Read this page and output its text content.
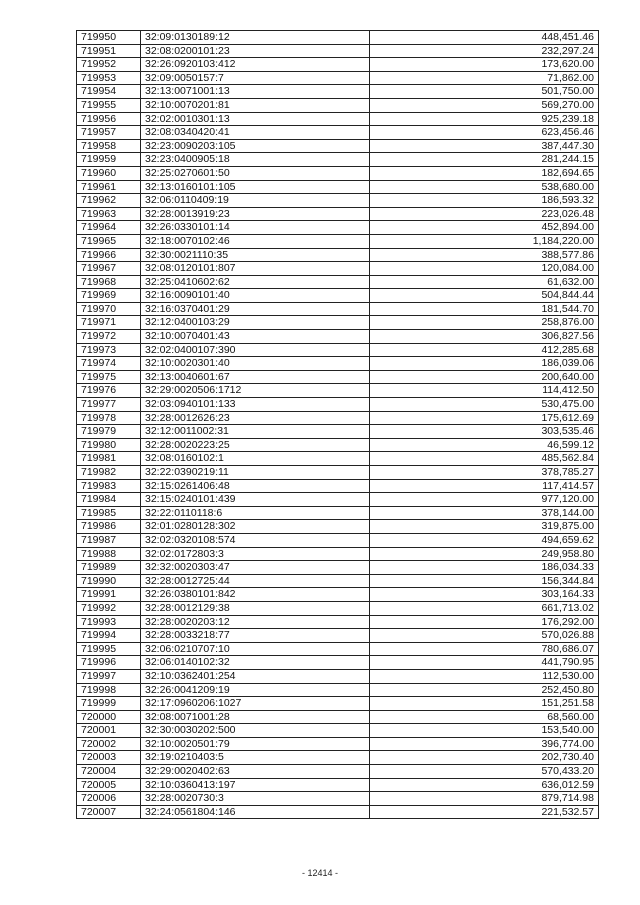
719950	32:09:0130189:12	448,451.46
719951	32:08:0200101:23	232,297.24
719952	32:26:0920103:412	173,620.00
719953	32:09:0050157:7	71,862.00
719954	32:13:0071001:13	501,750.00
719955	32:10:0070201:81	569,270.00
719956	32:02:0010301:13	925,239.18
719957	32:08:0340420:41	623,456.46
719958	32:23:0090203:105	387,447.30
719959	32:23:0400905:18	281,244.15
719960	32:25:0270601:50	182,694.65
719961	32:13:0160101:105	538,680.00
719962	32:06:0110409:19	186,593.32
719963	32:28:0013919:23	223,026.48
719964	32:26:0330101:14	452,894.00
719965	32:18:0070102:46	1,184,220.00
719966	32:30:0021110:35	388,577.86
719967	32:08:0120101:807	120,084.00
719968	32:25:0410602:62	61,632.00
719969	32:16:0090101:40	504,844.44
719970	32:16:0370401:29	181,544.70
719971	32:12:0400103:29	258,876.00
719972	32:10:0070401:43	306,827.56
719973	32:02:0400107:390	412,285.68
719974	32:10:0020301:40	186,039.06
719975	32:13:0040601:67	200,640.00
719976	32:29:0020506:1712	114,412.50
719977	32:03:0940101:133	530,475.00
719978	32:28:0012626:23	175,612.69
719979	32:12:0011002:31	303,535.46
719980	32:28:0020223:25	46,599.12
719981	32:08:0160102:1	485,562.84
719982	32:22:0390219:11	378,785.27
719983	32:15:0261406:48	117,414.57
719984	32:15:0240101:439	977,120.00
719985	32:22:0110118:6	378,144.00
719986	32:01:0280128:302	319,875.00
719987	32:02:0320108:574	494,659.62
719988	32:02:0172803:3	249,958.80
719989	32:32:0020303:47	186,034.33
719990	32:28:0012725:44	156,344.84
719991	32:26:0380101:842	303,164.33
719992	32:28:0012129:38	661,713.02
719993	32:28:0020203:12	176,292.00
719994	32:28:0033218:77	570,026.88
719995	32:06:0210707:10	780,686.07
719996	32:06:0140102:32	441,790.95
719997	32:10:0362401:254	112,530.00
719998	32:26:0041209:19	252,450.80
719999	32:17:0960206:1027	151,251.58
720000	32:08:0071001:28	68,560.00
720001	32:30:0030202:500	153,540.00
720002	32:10:0020501:79	396,774.00
720003	32:19:0210403:5	202,730.40
720004	32:29:0020402:63	570,433.20
720005	32:10:0360413:197	636,012.59
720006	32:28:0020730:3	879,714.98
720007	32:24:0561804:146	221,532.57
- 12414 -
